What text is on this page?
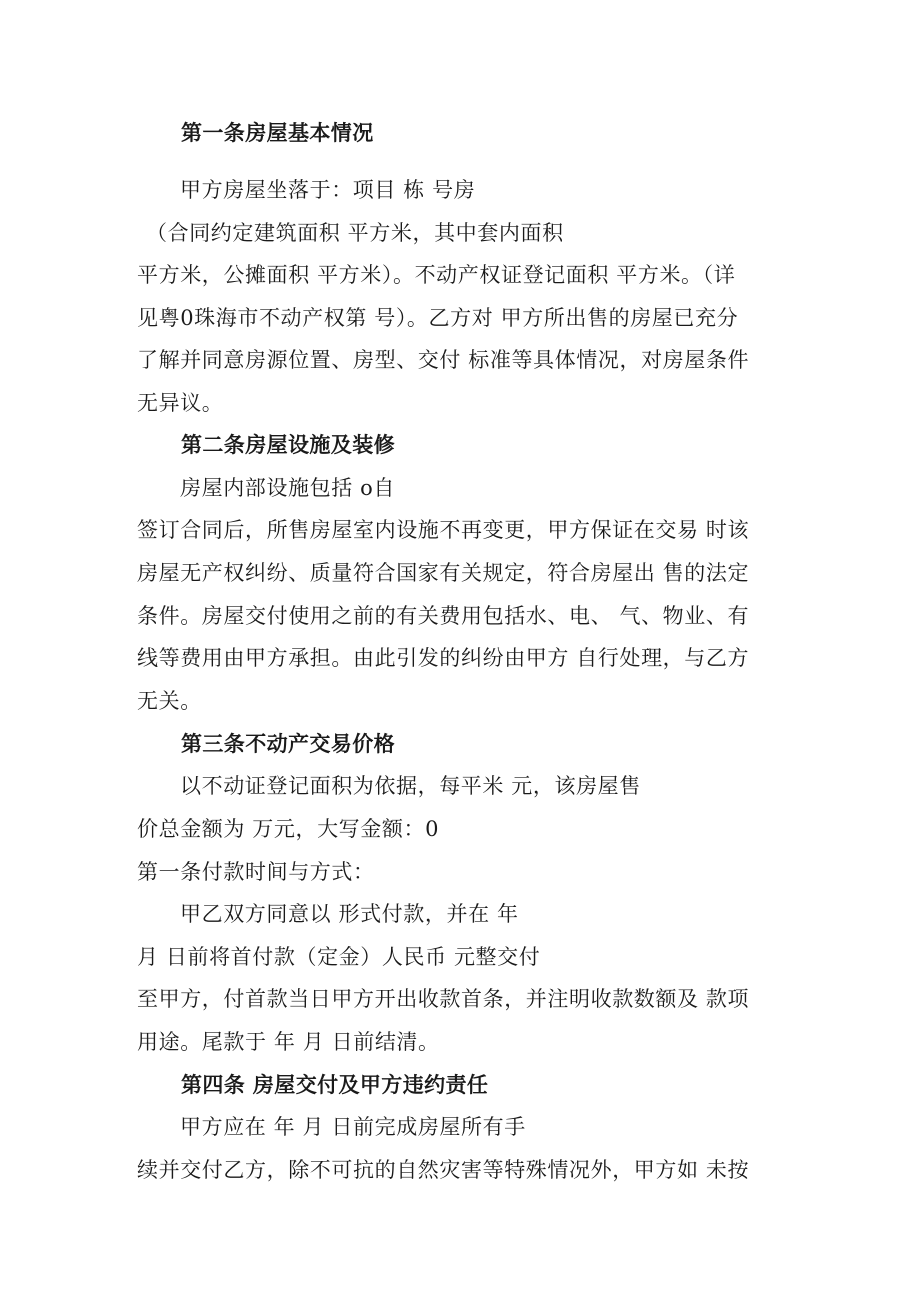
第一条房屋基本情况
甲方房屋坐落于：项目 栋 号房
（合同约定建筑面积 平方米，其中套内面积
平方米，公摊面积 平方米）。不动产权证登记面积 平方米。（详
见粤0珠海市不动产权第 号）。乙方对 甲方所出售的房屋已充分
了解并同意房源位置、房型、交付 标准等具体情况，对房屋条件
无异议。
第二条房屋设施及装修
房屋内部设施包括 o自
签订合同后，所售房屋室内设施不再变更，甲方保证在交易 时该
房屋无产权纠纷、质量符合国家有关规定，符合房屋出 售的法定
条件。房屋交付使用之前的有关费用包括水、电、 气、物业、有
线等费用由甲方承担。由此引发的纠纷由甲方 自行处理，与乙方
无关。
第三条不动产交易价格
以不动证登记面积为依据，每平米 元，该房屋售
价总金额为 万元，大写金额：0
第一条付款时间与方式：
甲乙双方同意以 形式付款，并在 年
月 日前将首付款（定金）人民币 元整交付
至甲方，付首款当日甲方开出收款首条，并注明收款数额及 款项
用途。尾款于 年 月 日前结清。
第四条 房屋交付及甲方违约责任
甲方应在 年 月 日前完成房屋所有手
续并交付乙方，除不可抗的自然灾害等特殊情况外，甲方如 未按
